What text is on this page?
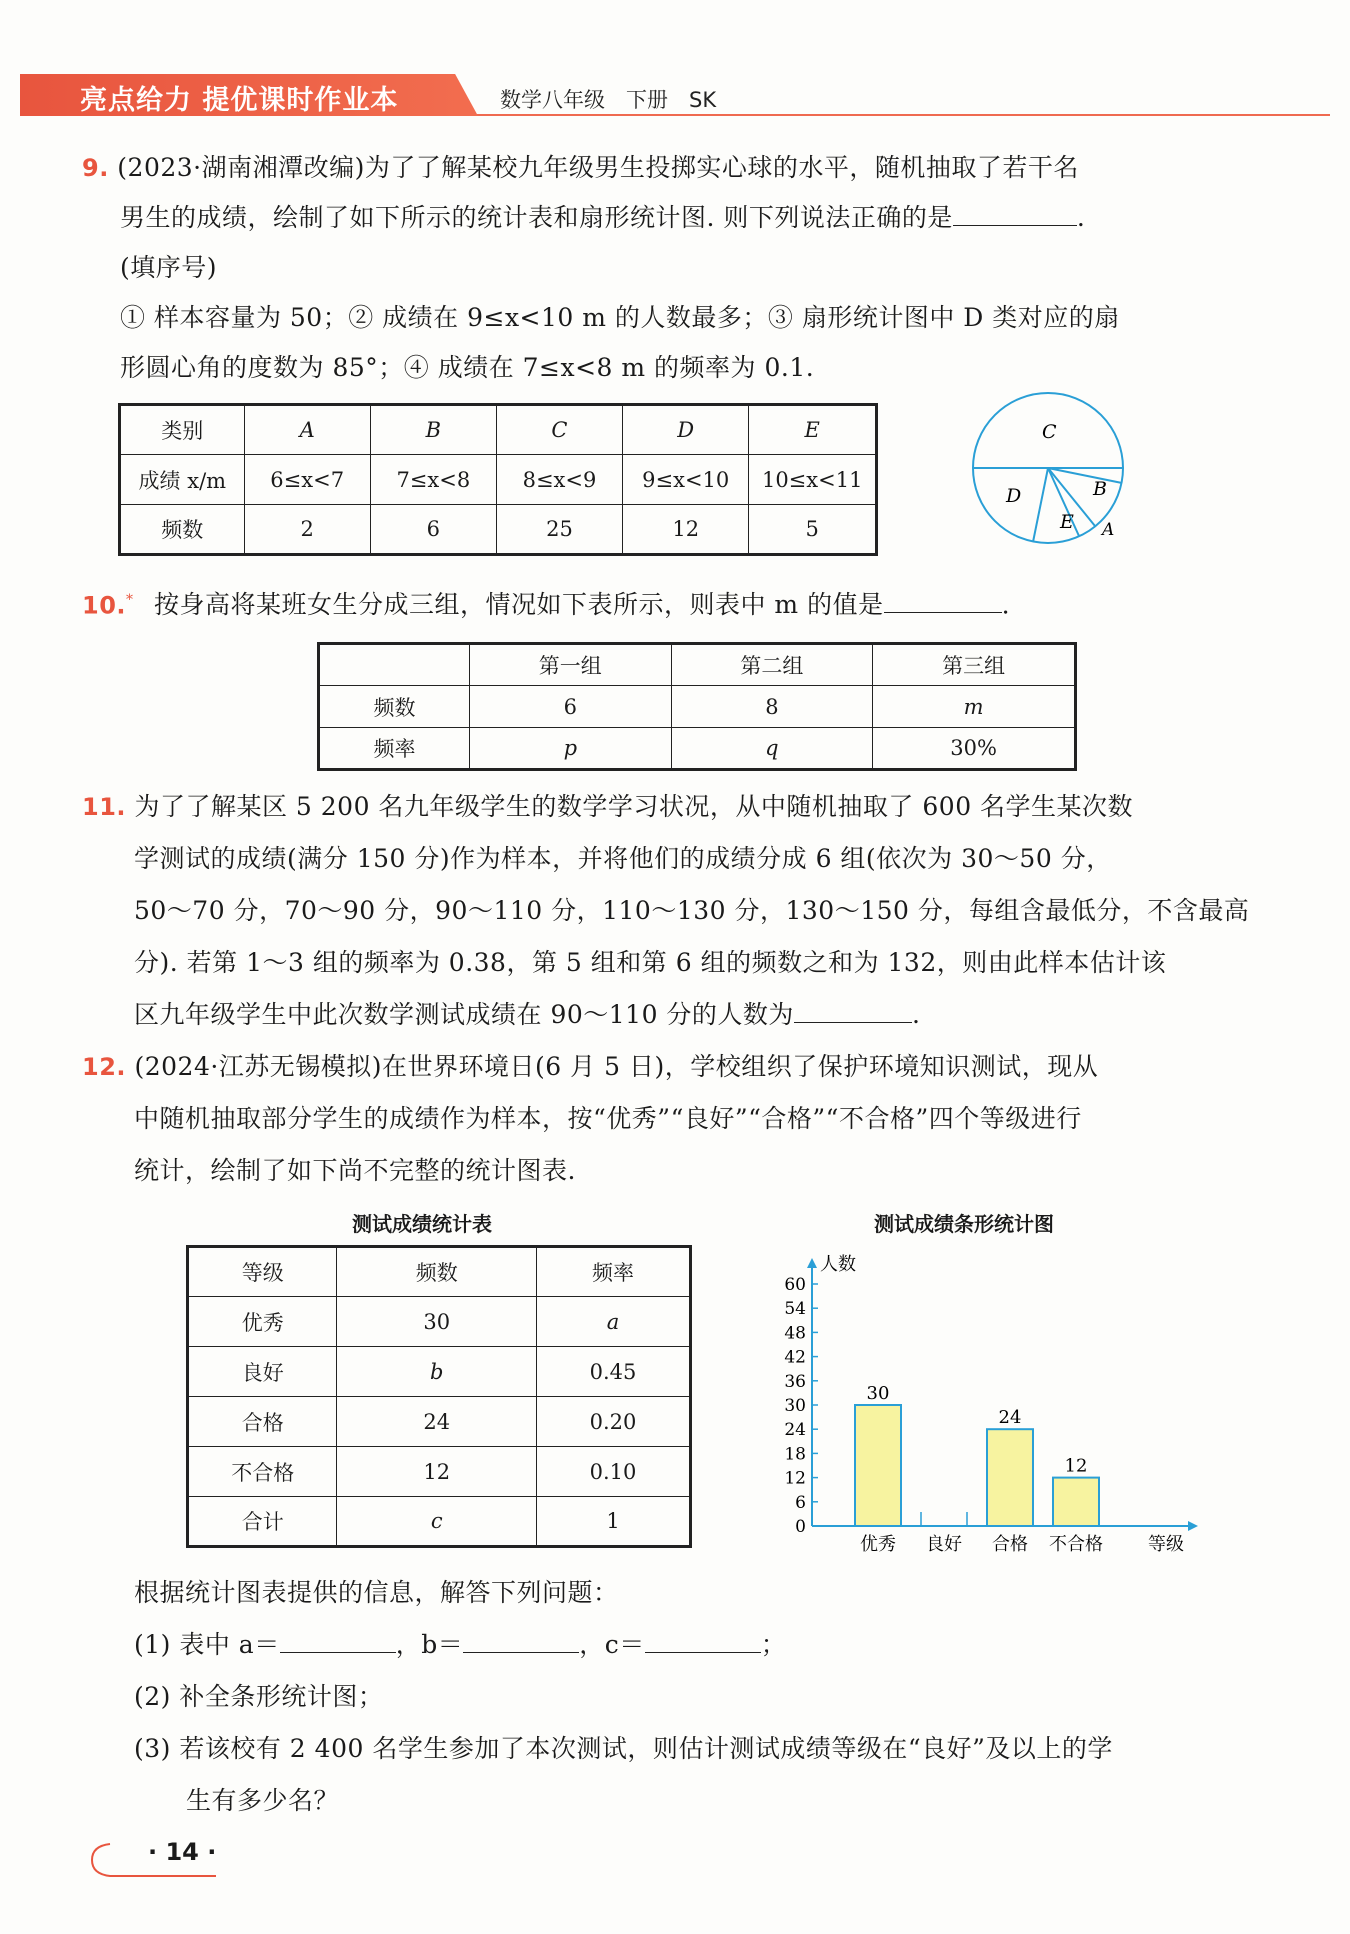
亮点给力 提优课时作业本	数学八年级　下册　SK
9. (2023·湖南湘潭改编)为了了解某校九年级男生投掷实心球的水平，随机抽取了若干名
男生的成绩，绘制了如下所示的统计表和扇形统计图. 则下列说法正确的是	.
(填序号)
① 样本容量为 50；② 成绩在 9≤x<10 m 的人数最多；③ 扇形统计图中 D 类对应的扇
形圆心角的度数为 85°；④ 成绩在 7≤x<8 m 的频率为 0.1.
类别	A	B	C	D	E
成绩 x/m	6≤x<7	7≤x<8	8≤x<9	9≤x<10	10≤x<11
频数	2	6	25	12	5
C
D	B
E A
10.* 按身高将某班女生分成三组，情况如下表所示，则表中 m 的值是	.
	第一组	第二组	第三组
频数	6	8	m
频率	p	q	30%
11. 为了了解某区 5 200 名九年级学生的数学学习状况，从中随机抽取了 600 名学生某次数
学测试的成绩(满分 150 分)作为样本，并将他们的成绩分成 6 组(依次为 30～50 分，
50～70 分，70～90 分，90～110 分，110～130 分，130～150 分，每组含最低分，不含最高
分). 若第 1～3 组的频率为 0.38，第 5 组和第 6 组的频数之和为 132，则由此样本估计该
区九年级学生中此次数学测试成绩在 90～110 分的人数为	.
12. (2024·江苏无锡模拟)在世界环境日(6 月 5 日)，学校组织了保护环境知识测试，现从
中随机抽取部分学生的成绩作为样本，按“优秀”“良好”“合格”“不合格”四个等级进行
统计，绘制了如下尚不完整的统计图表.
测试成绩统计表
等级	频数	频率
优秀	30	a
良好	b	0.45
合格	24	0.20
不合格	12	0.10
合计	c	1
测试成绩条形统计图
人数
等级
0
6
12
18
24
30
36
42
48
54
60
30
优秀 良好
24
合格
12
不合格
根据统计图表提供的信息，解答下列问题：
(1) 表中 a＝	，b＝	，c＝	；
(2) 补全条形统计图；
(3) 若该校有 2 400 名学生参加了本次测试，则估计测试成绩等级在“良好”及以上的学
生有多少名？
· 14 ·
